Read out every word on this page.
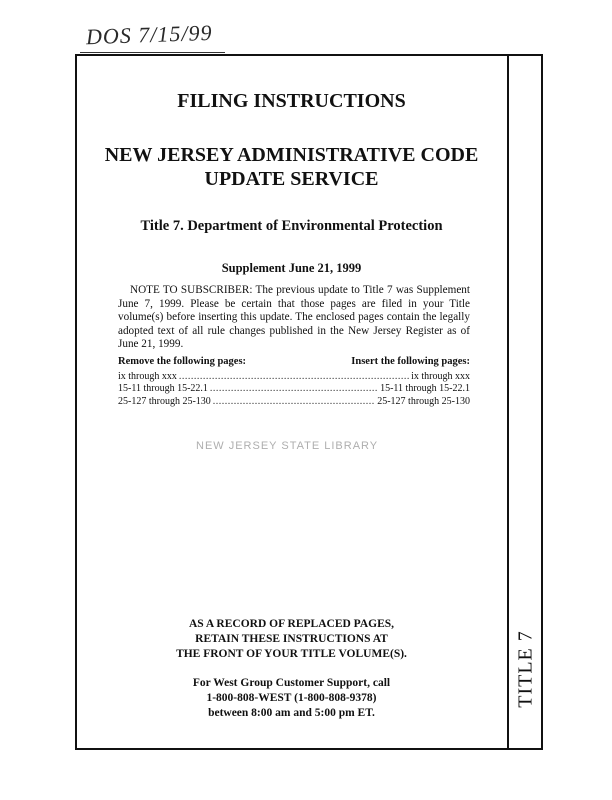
DOS 7/15/99
TITLE 7
FILING INSTRUCTIONS
NEW JERSEY ADMINISTRATIVE CODE
UPDATE SERVICE
Title 7. Department of Environmental Protection
Supplement June 21, 1999
NOTE TO SUBSCRIBER: The previous update to Title 7 was Supplement June 7, 1999. Please be certain that those pages are filed in your Title volume(s) before inserting this update. The enclosed pages contain the legally adopted text of all rule changes published in the New Jersey Register as of June 21, 1999.
Remove the following pages:	Insert the following pages:
ix through xxx .....	ix through xxx
15-11 through 15-22.1 .....	15-11 through 15-22.1
25-127 through 25-130 .....	25-127 through 25-130
NEW JERSEY STATE LIBRARY
AS A RECORD OF REPLACED PAGES,
RETAIN THESE INSTRUCTIONS AT
THE FRONT OF YOUR TITLE VOLUME(S).
For West Group Customer Support, call
1-800-808-WEST (1-800-808-9378)
between 8:00 am and 5:00 pm ET.
